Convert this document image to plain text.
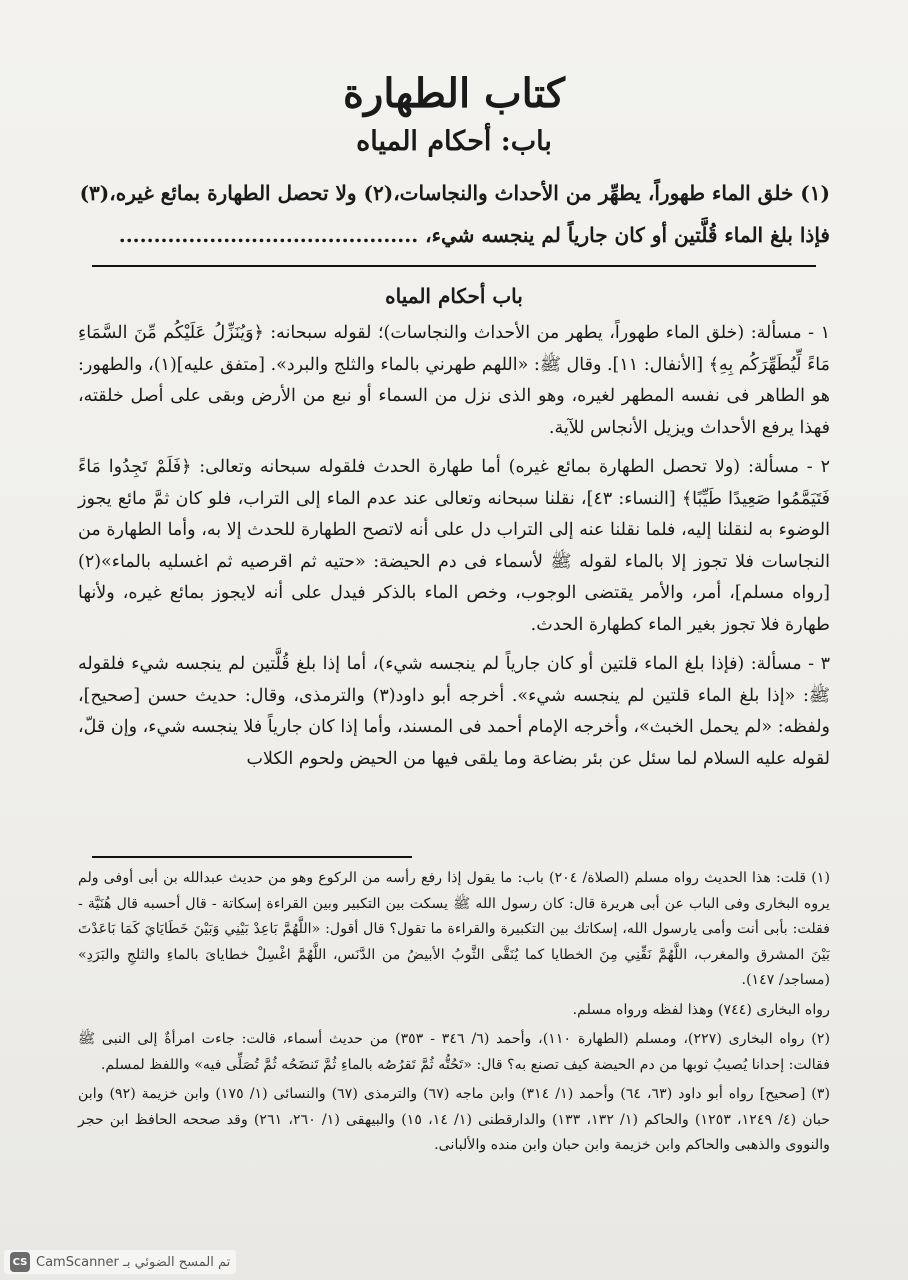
كتاب الطهارة
باب: أحكام المياه
(١) خلق الماء طهوراً، يطهِّر من الأحداث والنجاسات،(٢) ولا تحصل الطهارة بمائع غيره،(٣)
فإذا بلغ الماء قُلَّتين أو كان جارياً لم ينجسه شيء، ...........................................
باب أحكام المياه

١ - مسألة: (خلق الماء طهوراً، يطهر من الأحداث والنجاسات)؛ لقوله سبحانه: ﴿وَيُنَزِّلُ عَلَيْكُم مِّنَ السَّمَاءِ مَاءً لِّيُطَهِّرَكُم بِهِ﴾ [الأنفال: ١١]. وقال ﷺ: «اللهم طهرني بالماء والثلج والبرد». [متفق عليه](١)، والطهور: هو الطاهر فى نفسه المطهر لغيره، وهو الذى نزل من السماء أو نبع من الأرض وبقى على أصل خلقته، فهذا يرفع الأحداث ويزيل الأنجاس للآية.

٢ - مسألة: (ولا تحصل الطهارة بمائع غيره) أما طهارة الحدث فلقوله سبحانه وتعالى: ﴿فَلَمْ تَجِدُوا مَاءً فَتَيَمَّمُوا صَعِيدًا طَيِّبًا﴾ [النساء: ٤٣]، نقلنا سبحانه وتعالى عند عدم الماء إلى التراب، فلو كان ثمَّ مائع يجوز الوضوء به لنقلنا إليه، فلما نقلنا عنه إلى التراب دل على أنه لاتصح الطهارة للحدث إلا به، وأما الطهارة من النجاسات فلا تجوز إلا بالماء لقوله ﷺ لأسماء فى دم الحيضة: «حتيه ثم اقرصيه ثم اغسليه بالماء»(٢) [رواه مسلم]، أمر، والأمر يقتضى الوجوب، وخص الماء بالذكر فيدل على أنه لايجوز بمائع غيره، ولأنها طهارة فلا تجوز بغير الماء كطهارة الحدث.

٣ - مسألة: (فإذا بلغ الماء قلتين أو كان جارياً لم ينجسه شيء)، أما إذا بلغ قُلَّتين لم ينجسه شيء فلقوله ﷺ: «إذا بلغ الماء قلتين لم ينجسه شيء». أخرجه أبو داود(٣) والترمذى، وقال: حديث حسن [صحيح]، ولفظه: «لم يحمل الخبث»، وأخرجه الإمام أحمد فى المسند، وأما إذا كان جارياً فلا ينجسه شيء، وإن قلّ، لقوله عليه السلام لما سئل عن بئر بضاعة وما يلقى فيها من الحيض ولحوم الكلاب

(١) قلت: هذا الحديث رواه مسلم (الصلاة/ ٢٠٤) باب: ما يقول إذا رفع رأسه من الركوع وهو من حديث عبدالله بن أبى أوفى ولم يروه البخارى وفى الباب عن أبى هريرة قال: كان رسول الله ﷺ يسكت بين التكبير وبين القراءة إسكاتة - قال أحسبه قال هُنَيَّة - فقلت: بأبى أنت وأمى يارسول الله، إسكاتك بين التكبيرة والقراءة ما تقول؟ قال أقول: «اللَّهُمَّ بَاعِدْ بَيْنِي وَبَيْنَ خَطَايَايَ كَمَا بَاعَدْتَ بَيْنَ المشرق والمغرب، اللَّهُمَّ نَقِّنِي مِنَ الخطايا كما يُنَقَّى الثَّوبُ الأبيضُ من الدَّنَس، اللَّهُمَّ اغْسِلْ خطاياىَ بالماءِ والثلجِ والبَرَدِ» (مساجد/ ١٤٧).

رواه البخارى (٧٤٤) وهذا لفظه ورواه مسلم.

(٢) رواه البخارى (٢٢٧)، ومسلم (الطهارة ١١٠)، وأحمد (٦/ ٣٤٦ - ٣٥٣) من حديث أسماء، قالت: جاءت امرأةٌ إلى النبى ﷺ فقالت: إحدانا يُصيبُ ثوبها من دم الحيضة كيف تصنع به؟ قال: «تَحُتُّه ثُمَّ تَقرُصُه بالماءِ ثُمَّ تَنضَحُه ثُمَّ تُصَلِّى فيه» واللفظ لمسلم.

(٣) [صحيح] رواه أبو داود (٦٣، ٦٤) وأحمد (١/ ٣١٤) وابن ماجه (٦٧) والترمذى (٦٧) والنسائى (١/ ١٧٥) وابن خزيمة (٩٢) وابن حبان (٤/ ١٢٤٩، ١٢٥٣) والحاكم (١/ ١٣٢، ١٣٣) والدارقطنى (١/ ١٤، ١٥) والبيهقى (١/ ٢٦٠، ٢٦١) وقد صححه الحافظ ابن حجر والنووى والذهبى والحاكم وابن خزيمة وابن حبان وابن منده والألبانى.

تم المسح الضوئي بـ CamScanner
CS
